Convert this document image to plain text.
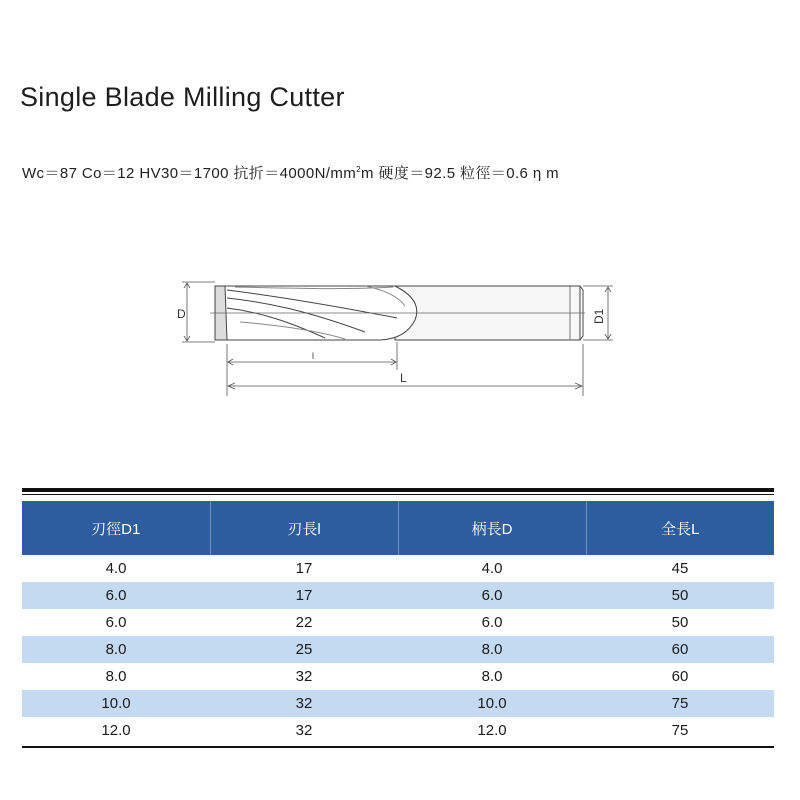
Single Blade Milling Cutter
Wc＝87 Co＝12 HV30＝1700 抗折$=4000N/mm^2m$ 硬度＝92.5 粒徑＝0.6 η m
D	D1
l
L
刃徑D1	刃長l	柄長D	全長L
4.0	17	4.0	45
6.0	17	6.0	50
6.0	22	6.0	50
8.0	25	8.0	60
8.0	32	8.0	60
10.0	32	10.0	75
12.0	32	12.0	75
